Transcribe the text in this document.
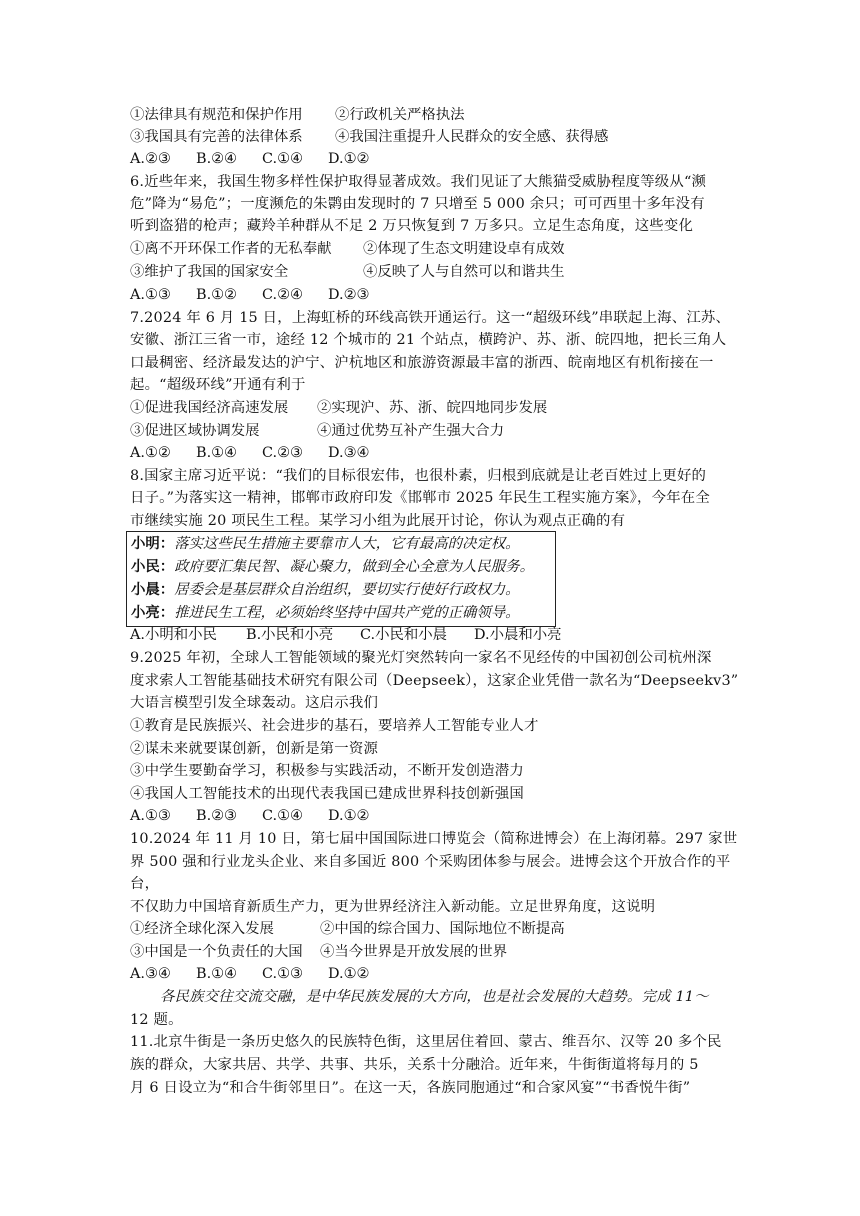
①法律具有规范和保护作用 ②行政机关严格执法
③我国具有完善的法律体系 ④我国注重提升人民群众的安全感、获得感
A.②③ B.②④ C.①④ D.①②
6.近些年来，我国生物多样性保护取得显著成效。我们见证了大熊猫受威胁程度等级从“濒
危”降为“易危”；一度濒危的朱鹮由发现时的 7 只增至 5 000 余只；可可西里十多年没有
听到盗猎的枪声；藏羚羊种群从不足 2 万只恢复到 7 万多只。立足生态角度，这些变化
①离不开环保工作者的无私奉献 ②体现了生态文明建设卓有成效
③维护了我国的国家安全	④反映了人与自然可以和谐共生
A.①③ B.①② C.②④ D.②③
7.2024 年 6 月 15 日，上海虹桥的环线高铁开通运行。这一“超级环线”串联起上海、江苏、
安徽、浙江三省一市，途经 12 个城市的 21 个站点，横跨沪、苏、浙、皖四地，把长三角人
口最稠密、经济最发达的沪宁、沪杭地区和旅游资源最丰富的浙西、皖南地区有机衔接在一
起。“超级环线”开通有利于
①促进我国经济高速发展 ②实现沪、苏、浙、皖四地同步发展
③促进区域协调发展	④通过优势互补产生强大合力
A.①② B.①④ C.②③ D.③④
8.国家主席习近平说：“我们的目标很宏伟，也很朴素，归根到底就是让老百姓过上更好的
日子。”为落实这一精神，邯郸市政府印发《邯郸市 2025 年民生工程实施方案》，今年在全
市继续实施 20 项民生工程。某学习小组为此展开讨论，你认为观点正确的有
小明：落实这些民生措施主要靠市人大，它有最高的决定权。
小民：政府要汇集民智、凝心聚力，做到全心全意为人民服务。
小晨：居委会是基层群众自治组织，要切实行使好行政权力。
小亮：推进民生工程，必须始终坚持中国共产党的正确领导。
A.小明和小民 B.小民和小亮 C.小民和小晨 D.小晨和小亮
9.2025 年初，全球人工智能领域的聚光灯突然转向一家名不见经传的中国初创公司杭州深
度求索人工智能基础技术研究有限公司（Deepseek），这家企业凭借一款名为“Deepseekv3”
大语言模型引发全球轰动。这启示我们
①教育是民族振兴、社会进步的基石，要培养人工智能专业人才
②谋未来就要谋创新，创新是第一资源
③中学生要勤奋学习，积极参与实践活动，不断开发创造潜力
④我国人工智能技术的出现代表我国已建成世界科技创新强国
A.①③ B.②③ C.①④ D.①②
10.2024 年 11 月 10 日，第七届中国国际进口博览会（简称进博会）在上海闭幕。297 家世
界 500 强和行业龙头企业、来自多国近 800 个采购团体参与展会。进博会这个开放合作的平
台，
不仅助力中国培育新质生产力，更为世界经济注入新动能。立足世界角度，这说明
①经济全球化深入发展	②中国的综合国力、国际地位不断提高
③中国是一个负责任的大国 ④当今世界是开放发展的世界
A.③④ B.①④ C.①③ D.①②
各民族交往交流交融，是中华民族发展的大方向，也是社会发展的大趋势。完成 11～
12 题。
11.北京牛街是一条历史悠久的民族特色街，这里居住着回、蒙古、维吾尔、汉等 20 多个民
族的群众，大家共居、共学、共事、共乐，关系十分融洽。近年来，牛街街道将每月的 5
月 6 日设立为“和合牛街邻里日”。在这一天，各族同胞通过“和合家风宴”“书香悦牛街”
